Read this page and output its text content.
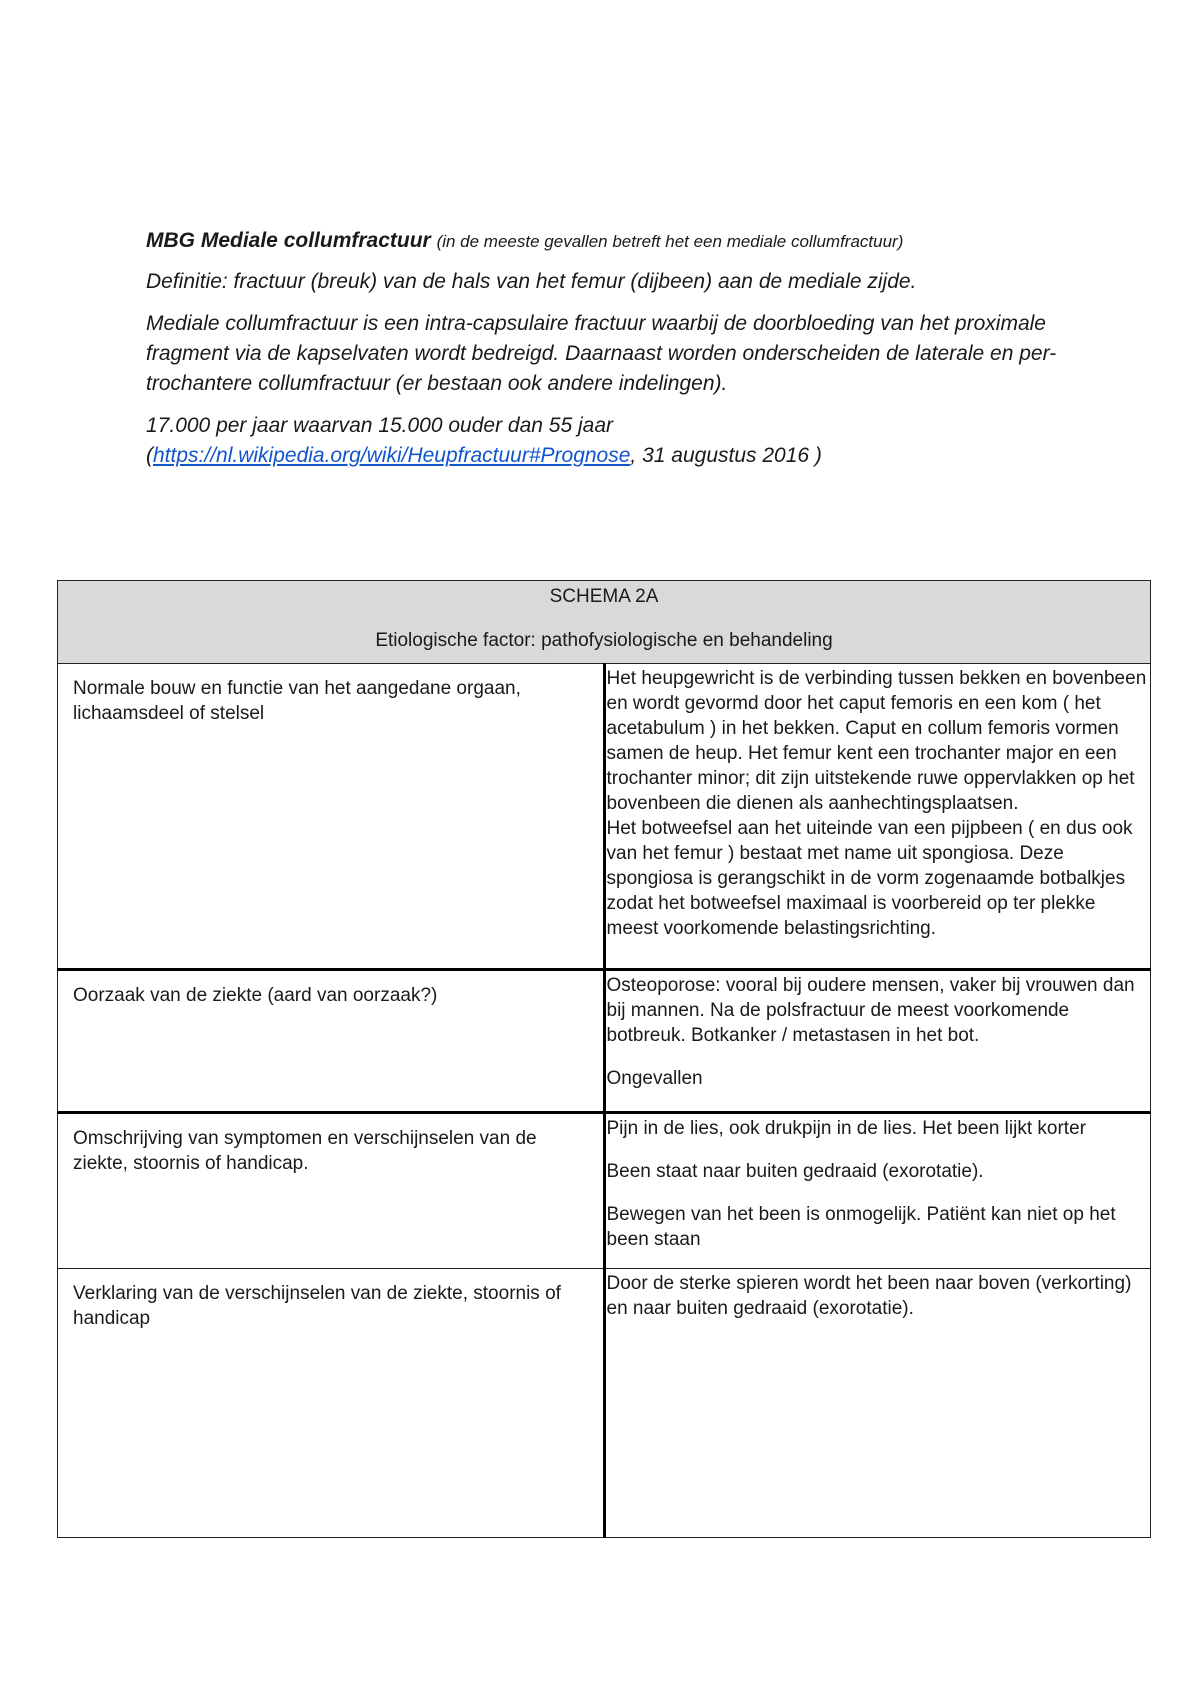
MBG Mediale collumfractuur (in de meeste gevallen betreft het een mediale collumfractuur)

Definitie: fractuur (breuk) van de hals van het femur (dijbeen) aan de mediale zijde.

Mediale collumfractuur is een intra-capsulaire fractuur waarbij de doorbloeding van het proximale fragment via de kapselvaten wordt bedreigd. Daarnaast worden onderscheiden de laterale en per-trochantere collumfractuur (er bestaan ook andere indelingen).

17.000 per jaar waarvan 15.000 ouder dan 55 jaar

(https://nl.wikipedia.org/wiki/Heupfractuur#Prognose, 31 augustus 2016 )

SCHEMA 2A
Etiologische factor: pathofysiologische en behandeling	

Normale bouw en functie van het aangedane orgaan, lichaamsdeel of stelsel	Het heupgewricht is de verbinding tussen bekken en bovenbeen en wordt gevormd door het caput femoris en een kom ( het acetabulum ) in het bekken. Caput en collum femoris vormen samen de heup. Het femur kent een trochanter major en een trochanter minor; dit zijn uitstekende ruwe oppervlakken op het bovenbeen die dienen als aanhechtingsplaatsen.

Het botweefsel aan het uiteinde van een pijpbeen ( en dus ook van het femur ) bestaat met name uit spongiosa. Deze spongiosa is gerangschikt in de vorm zogenaamde botbalkjes zodat het botweefsel maximaal is voorbereid op ter plekke meest voorkomende belastingsrichting.

Oorzaak van de ziekte (aard van oorzaak?)	Osteoporose: vooral bij oudere mensen, vaker bij vrouwen dan bij mannen. Na de polsfractuur de meest voorkomende botbreuk. Botkanker / metastasen in het bot.

Ongevallen

Omschrijving van symptomen en verschijnselen van de ziekte, stoornis of handicap.	Pijn in de lies, ook drukpijn in de lies. Het been lijkt korter

Been staat naar buiten gedraaid (exorotatie).

Bewegen van het been is onmogelijk. Patiënt kan niet op het been staan

Verklaring van de verschijnselen van de ziekte, stoornis of handicap	Door de sterke spieren wordt het been naar boven (verkorting) en naar buiten gedraaid (exorotatie).
